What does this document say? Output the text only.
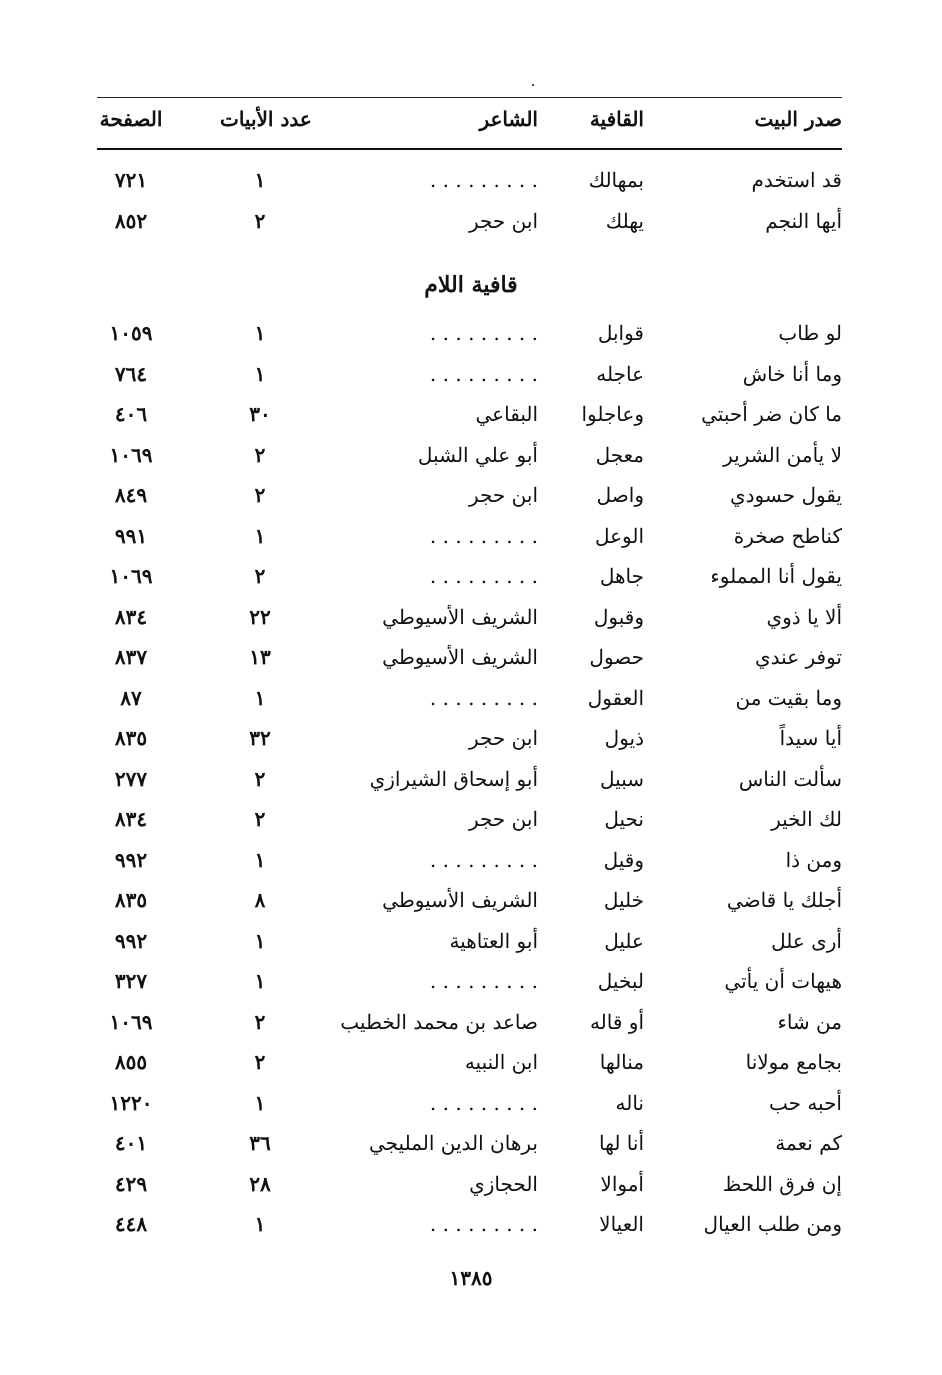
صدر البيت
القافية
الشاعر
عدد الأبيات
الصفحة
قد استخدم
بمهالك
. . . . . . . . .
١
٧٢١
أيها النجم
يهلك
ابن حجر
٢
٨٥٢
قافية اللام
لو طاب
قوابل
. . . . . . . . .
١
١٠٥٩
وما أنا خاش
عاجله
. . . . . . . . .
١
٧٦٤
ما كان ضر أحبتي
وعاجلوا
البقاعي
٣٠
٤٠٦
لا يأمن الشرير
معجل
أبو علي الشبل
٢
١٠٦٩
يقول حسودي
واصل
ابن حجر
٢
٨٤٩
كناطح صخرة
الوعل
. . . . . . . . .
١
٩٩١
يقول أنا المملوء
جاهل
. . . . . . . . .
٢
١٠٦٩
ألا يا ذوي
وقبول
الشريف الأسيوطي
٢٢
٨٣٤
توفر عندي
حصول
الشريف الأسيوطي
١٣
٨٣٧
وما بقيت من
العقول
. . . . . . . . .
١
٨٧
أيا سيداً
ذيول
ابن حجر
٣٢
٨٣٥
سألت الناس
سبيل
أبو إسحاق الشيرازي
٢
٢٧٧
لك الخير
نحيل
ابن حجر
٢
٨٣٤
ومن ذا
وقيل
. . . . . . . . .
١
٩٩٢
أجلك يا قاضي
خليل
الشريف الأسيوطي
٨
٨٣٥
أرى علل
عليل
أبو العتاهية
١
٩٩٢
هيهات أن يأتي
لبخيل
. . . . . . . . .
١
٣٢٧
من شاء
أو قاله
صاعد بن محمد الخطيب
٢
١٠٦٩
بجامع مولانا
منالها
ابن النبيه
٢
٨٥٥
أحبه حب
ناله
. . . . . . . . .
١
١٢٢٠
كم نعمة
أنا لها
برهان الدين المليجي
٣٦
٤٠١
إن فرق اللحظ
أموالا
الحجازي
٢٨
٤٢٩
ومن طلب العيال
العيالا
. . . . . . . . .
١
٤٤٨
١٣٨٥
